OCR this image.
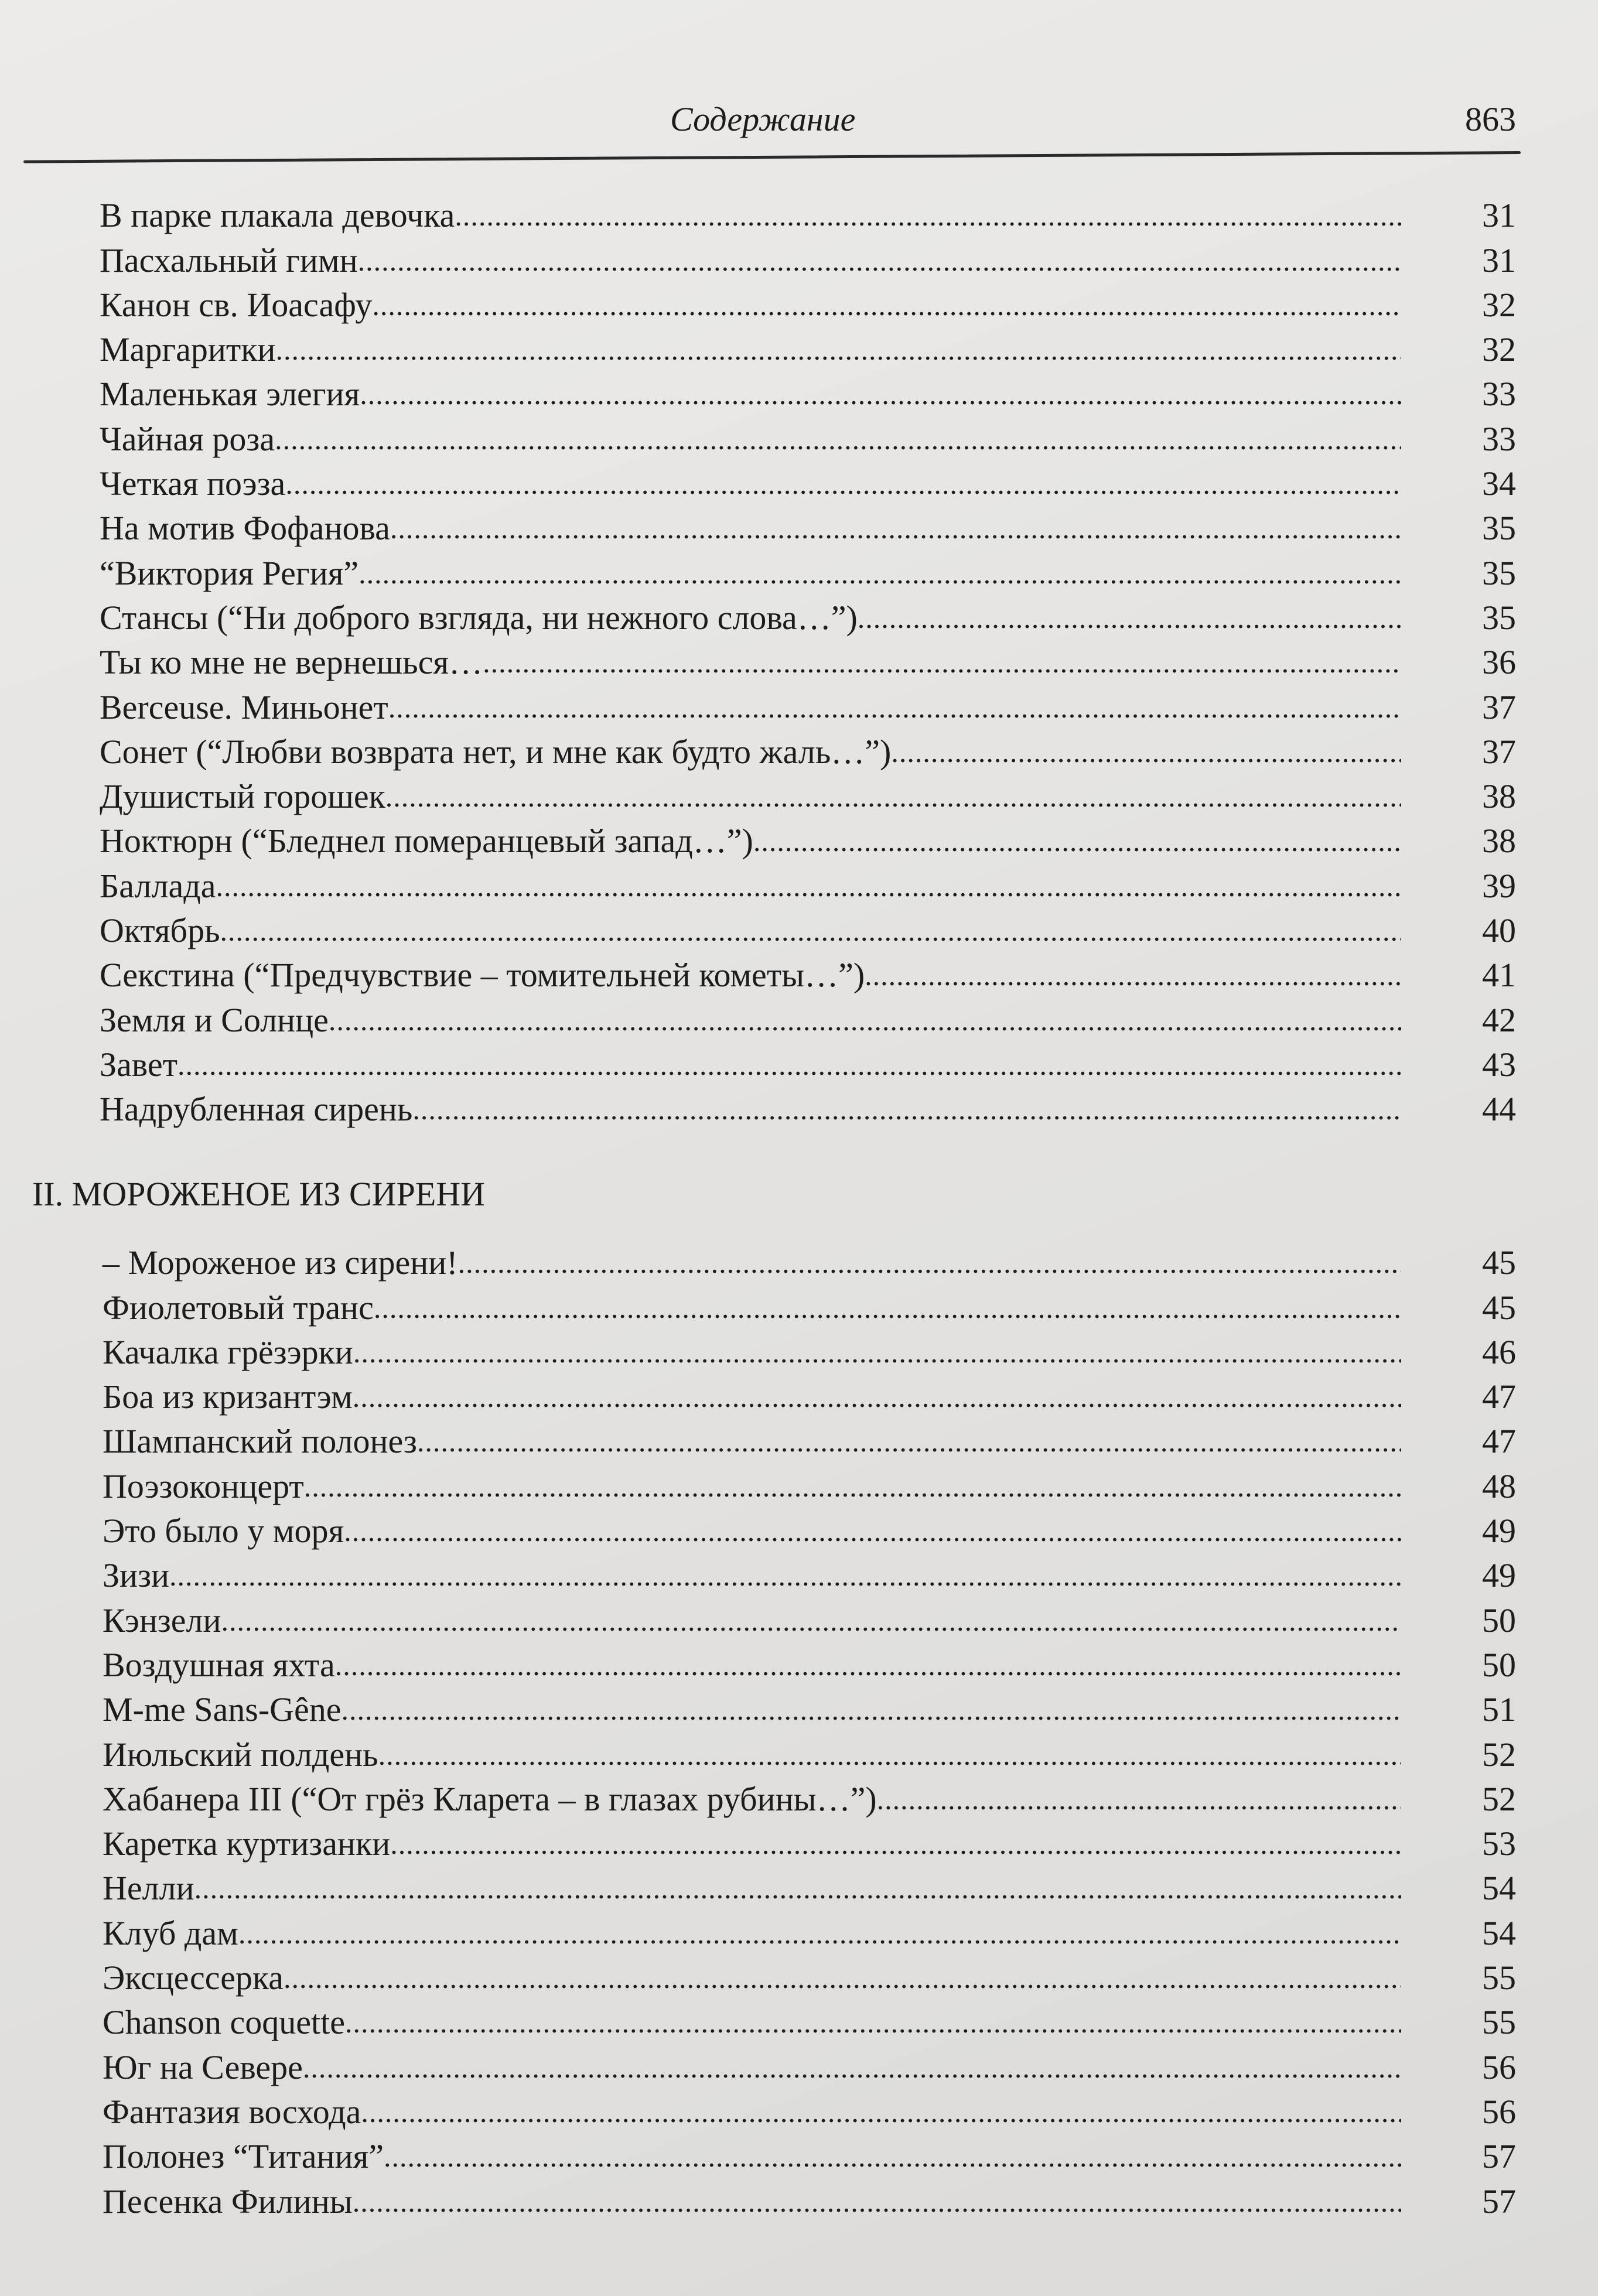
Содержание	863
В парке плакала девочка .....	31
Пасхальный гимн .....	31
Канон св. Иоасафу .....	32
Маргаритки .....	32
Маленькая элегия .....	33
Чайная роза .....	33
Четкая поэза .....	34
На мотив Фофанова .....	35
“Виктория Регия” .....	35
Стансы (“Ни доброго взгляда, ни нежного слова…”) .....	35
Ты ко мне не вернешься… .....	36
Berceuse. Миньонет .....	37
Сонет (“Любви возврата нет, и мне как будто жаль…”) .....	37
Душистый горошек .....	38
Ноктюрн (“Бледнел померанцевый запад…”) .....	38
Баллада .....	39
Октябрь .....	40
Секстина (“Предчувствие – томительней кометы…”) .....	41
Земля и Солнце .....	42
Завет .....	43
Надрубленная сирень .....	44
II. МОРОЖЕНОЕ ИЗ СИРЕНИ
– Мороженое из сирени! .....	45
Фиолетовый транс .....	45
Качалка грёзэрки .....	46
Боа из кризантэм .....	47
Шампанский полонез .....	47
Поэзоконцерт .....	48
Это было у моря .....	49
Зизи .....	49
Кэнзели .....	50
Воздушная яхта .....	50
M-me Sans-Gêne .....	51
Июльский полдень .....	52
Хабанера III (“От грёз Кларета – в глазах рубины…”) .....	52
Каретка куртизанки .....	53
Нелли .....	54
Клуб дам .....	54
Эксцессерка .....	55
Chanson coquette .....	55
Юг на Севере .....	56
Фантазия восхода .....	56
Полонез “Титания” .....	57
Песенка Филины .....	57
